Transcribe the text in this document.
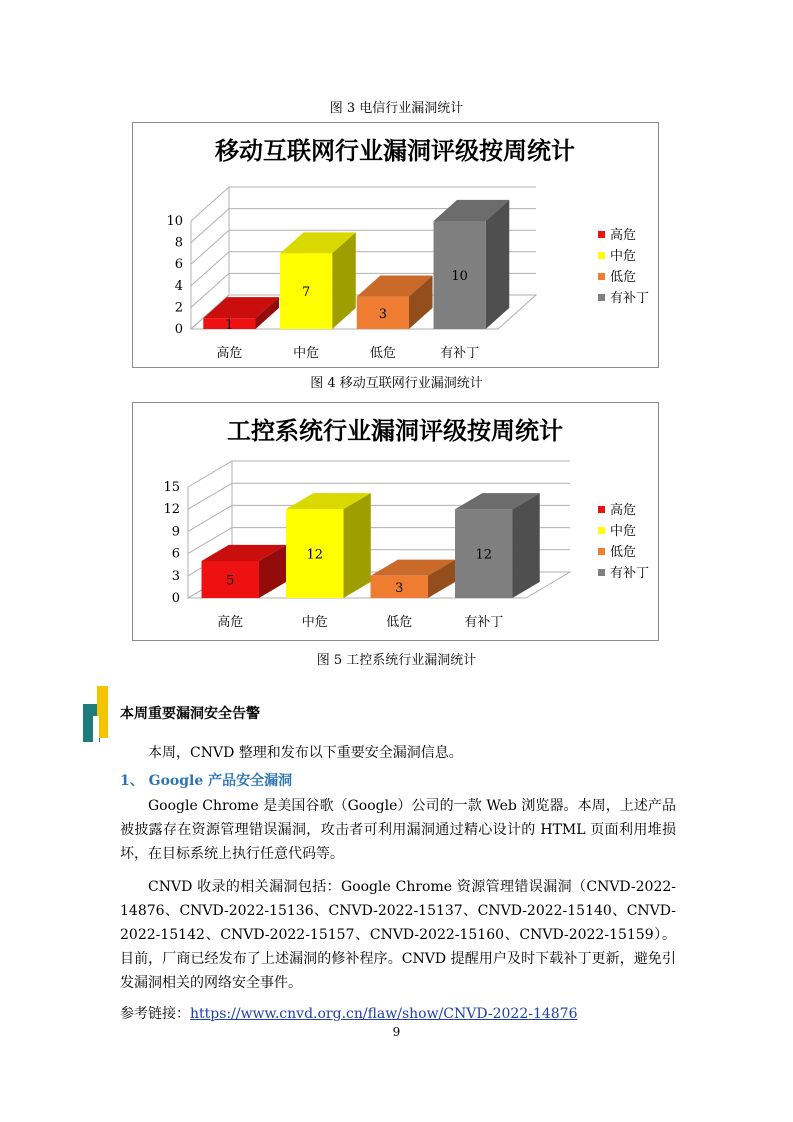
图 3 电信行业漏洞统计
移动互联网行业漏洞评级按周统计
0
2
4
6
8
10
1
高危
7
中危
3
低危
10
有补丁
高危
中危
低危
有补丁
图 4 移动互联网行业漏洞统计
工控系统行业漏洞评级按周统计
0
3
6
9
12
15
5
高危
12
中危
3
低危
12
有补丁
高危
中危
低危
有补丁
图 5 工控系统行业漏洞统计
本周重要漏洞安全告警
本周，CNVD 整理和发布以下重要安全漏洞信息。
1、 Google 产品安全漏洞
Google Chrome 是美国谷歌（Google）公司的一款 Web 浏览器。本周，上述产品被披露存在资源管理错误漏洞，攻击者可利用漏洞通过精心设计的 HTML 页面利用堆损坏，在目标系统上执行任意代码等。
CNVD 收录的相关漏洞包括：Google Chrome 资源管理错误漏洞（CNVD-2022-14876、CNVD-2022-15136、CNVD-2022-15137、CNVD-2022-15140、CNVD-2022-15142、CNVD-2022-15157、CNVD-2022-15160、CNVD-2022-15159）。目前，厂商已经发布了上述漏洞的修补程序。CNVD 提醒用户及时下载补丁更新，避免引发漏洞相关的网络安全事件。
参考链接：https://www.cnvd.org.cn/flaw/show/CNVD-2022-14876
9
